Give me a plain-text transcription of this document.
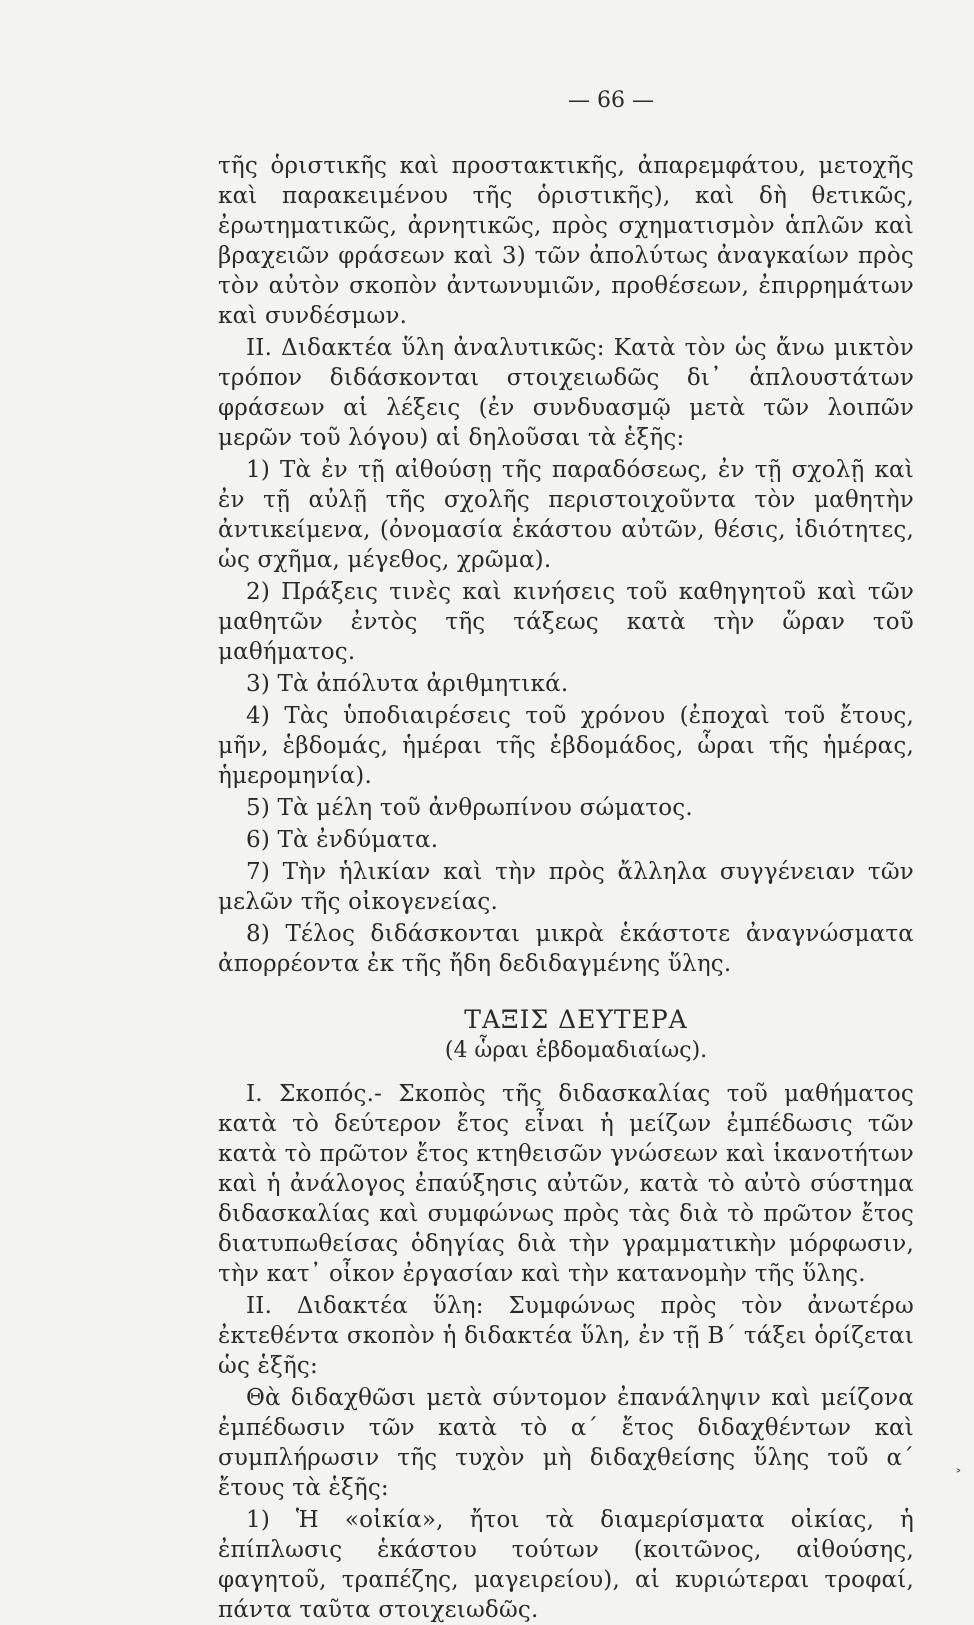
— 66 —

τῆς ὁριστικῆς καὶ προστακτικῆς, ἀπαρεμφάτου, μετοχῆς καὶ παρακειμένου τῆς ὁριστικῆς), καὶ δὴ θετικῶς, ἐρωτηματικῶς, ἀρνητικῶς, πρὸς σχηματισμὸν ἁπλῶν καὶ βραχειῶν φράσεων καὶ 3) τῶν ἀπολύτως ἀναγκαίων πρὸς τὸν αὐτὸν σκοπὸν ἀντωνυμιῶν, προθέσεων, ἐπιρρημάτων καὶ συνδέσμων.

ΙΙ. Διδακτέα ὕλη ἀναλυτικῶς: Κατὰ τὸν ὡς ἄνω μικτὸν τρόπον διδάσκονται στοιχειωδῶς δι᾽ ἁπλουστάτων φράσεων αἱ λέξεις (ἐν συνδυασμῷ μετὰ τῶν λοιπῶν μερῶν τοῦ λόγου) αἱ δηλοῦσαι τὰ ἑξῆς:

1) Τὰ ἐν τῇ αἰθούσῃ τῆς παραδόσεως, ἐν τῇ σχολῇ καὶ ἐν τῇ αὐλῇ τῆς σχολῆς περιστοιχοῦντα τὸν μαθητὴν ἀντικείμενα, (ὀνομασία ἑκάστου αὐτῶν, θέσις, ἰδιότητες, ὡς σχῆμα, μέγεθος, χρῶμα).

2) Πράξεις τινὲς καὶ κινήσεις τοῦ καθηγητοῦ καὶ τῶν μαθητῶν ἐντὸς τῆς τάξεως κατὰ τὴν ὥραν τοῦ μαθήματος.

3) Τὰ ἀπόλυτα ἀριθμητικά.

4) Τὰς ὑποδιαιρέσεις τοῦ χρόνου (ἐποχαὶ τοῦ ἔτους, μῆν, ἑβδομάς, ἡμέραι τῆς ἑβδομάδος, ὧραι τῆς ἡμέρας, ἡμερομηνία).

5) Τὰ μέλη τοῦ ἀνθρωπίνου σώματος.

6) Τὰ ἐνδύματα.

7) Τὴν ἡλικίαν καὶ τὴν πρὸς ἄλληλα συγγένειαν τῶν μελῶν τῆς οἰκογενείας.

8) Τέλος διδάσκονται μικρὰ ἑκάστοτε ἀναγνώσματα ἀπορρέοντα ἐκ τῆς ἤδη δεδιδαγμένης ὕλης.

ΤΑΞΙΣ ΔΕΥΤΕΡΑ
(4 ὧραι ἑβδομαδιαίως).

Ι. Σκοπός.- Σκοπὸς τῆς διδασκαλίας τοῦ μαθήματος κατὰ τὸ δεύτερον ἔτος εἶναι ἡ μείζων ἐμπέδωσις τῶν κατὰ τὸ πρῶτον ἔτος κτηθεισῶν γνώσεων καὶ ἱκανοτήτων καὶ ἡ ἀνάλογος ἐπαύξησις αὐτῶν, κατὰ τὸ αὐτὸ σύστημα διδασκαλίας καὶ συμφώνως πρὸς τὰς διὰ τὸ πρῶτον ἔτος διατυπωθείσας ὁδηγίας διὰ τὴν γραμματικὴν μόρφωσιν, τὴν κατ᾽ οἶκον ἐργασίαν καὶ τὴν κατανομὴν τῆς ὕλης.

ΙΙ. Διδακτέα ὕλη: Συμφώνως πρὸς τὸν ἀνωτέρω ἐκτεθέντα σκοπὸν ἡ διδακτέα ὕλη, ἐν τῇ Β´ τάξει ὁρίζεται ὡς ἑξῆς:

Θὰ διδαχθῶσι μετὰ σύντομον ἐπανάληψιν καὶ μείζονα ἐμπέδωσιν τῶν κατὰ τὸ α´ ἔτος διδαχθέντων καὶ συμπλήρωσιν τῆς τυχὸν μὴ διδαχθείσης ὕλης τοῦ α´ ἔτους τὰ ἑξῆς:

1) Ἡ «οἰκία», ἤτοι τὰ διαμερίσματα οἰκίας, ἡ ἐπίπλωσις ἑκάστου τούτων (κοιτῶνος, αἰθούσης, φαγητοῦ, τραπέζης, μαγειρείου), αἱ κυριώτεραι τροφαί, πάντα ταῦτα στοιχειωδῶς.

˃
